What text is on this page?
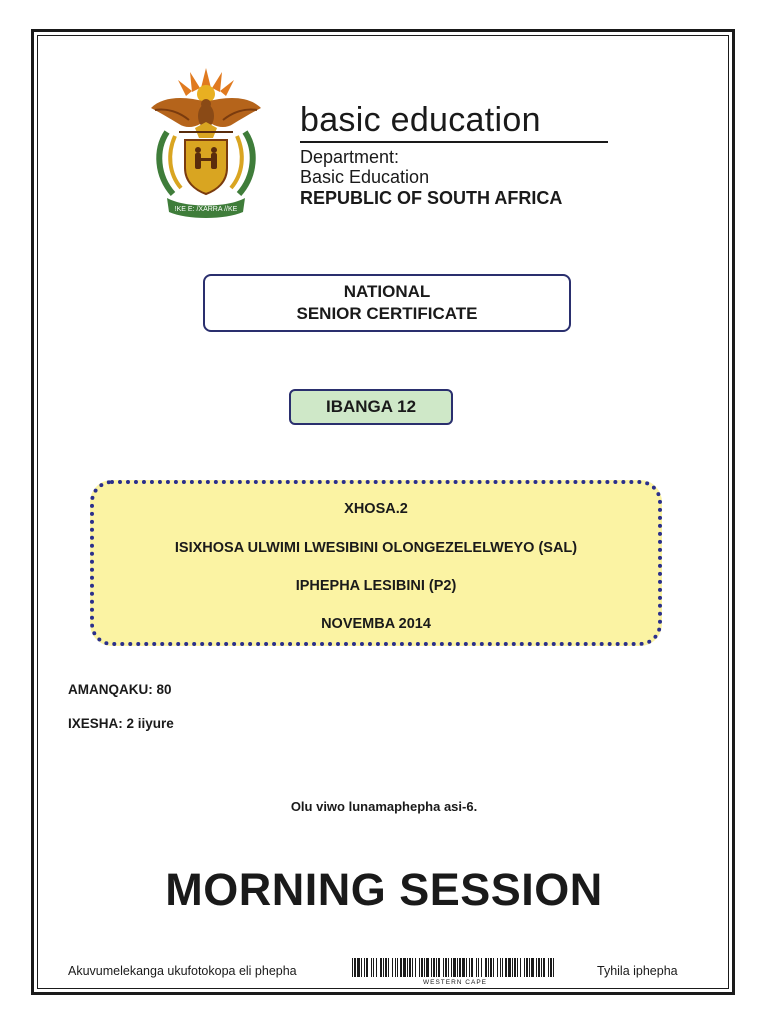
!KE E: /XARRA //KE
basic education
Department:
Basic Education
REPUBLIC OF SOUTH AFRICA
NATIONAL
SENIOR CERTIFICATE
IBANGA 12
XHOSA.2
ISIXHOSA ULWIMI LWESIBINI OLONGEZELELWEYO (SAL)
IPHEPHA LESIBINI (P2)
NOVEMBA 2014
AMANQAKU: 80
IXESHA: 2 iiyure
Olu viwo lunamaphepha asi-6.
MORNING SESSION
Akuvumelekanga ukufotokopa eli phepha
WESTERN CAPE
Tyhila iphepha
